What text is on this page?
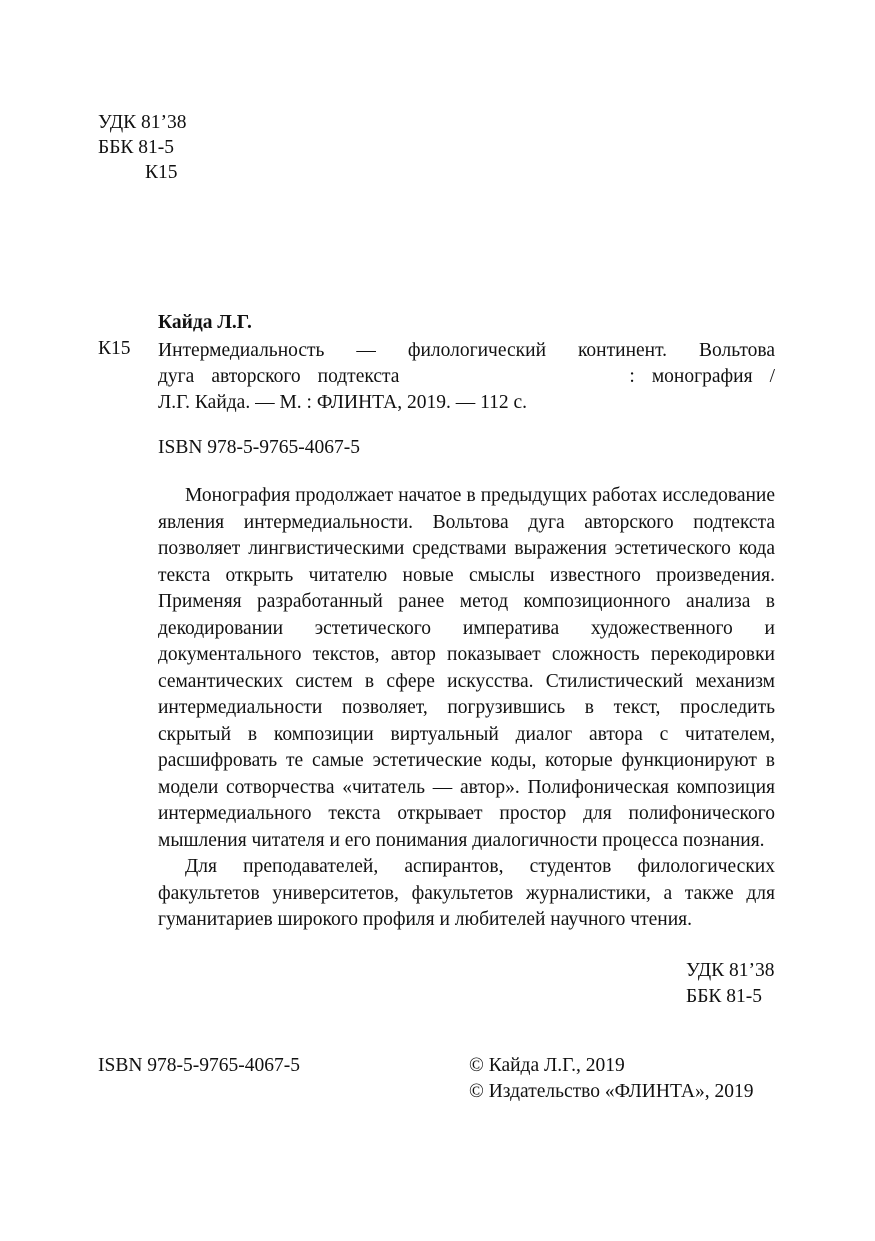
УДК 81’38
ББК 81-5
К15
Кайда Л.Г.
К15 Интермедиальность — филологический континент. Вольтова
дуга авторского подтекста	: монография /
Л.Г. Кайда. — М. : ФЛИНТА, 2019. — 112 с.
ISBN 978-5-9765-4067-5

Монография продолжает начатое в предыдущих работах исследование явления интермедиальности. Вольтова дуга авторского подтекста позволяет лингвистическими средствами выражения эстетического кода текста открыть читателю новые смыслы известного произведения. Применяя разработанный ранее метод композиционного анализа в декодировании эстетического императива художественного и документального текстов, автор показывает сложность перекодировки семантических систем в сфере искусства. Стилистический механизм интермедиальности позволяет, погрузившись в текст, проследить скрытый в композиции виртуальный диалог автора с читателем, расшифровать те самые эстетические коды, которые функционируют в модели сотворчества «читатель — автор». Полифоническая композиция интермедиального текста открывает простор для полифонического мышления читателя и его понимания диалогичности процесса познания.

Для преподавателей, аспирантов, студентов филологических факультетов университетов, факультетов журналистики, а также для гуманитариев широкого профиля и любителей научного чтения.

УДК 81’38
ББК 81-5
ISBN 978-5-9765-4067-5	© Кайда Л.Г., 2019
© Издательство «ФЛИНТА», 2019
